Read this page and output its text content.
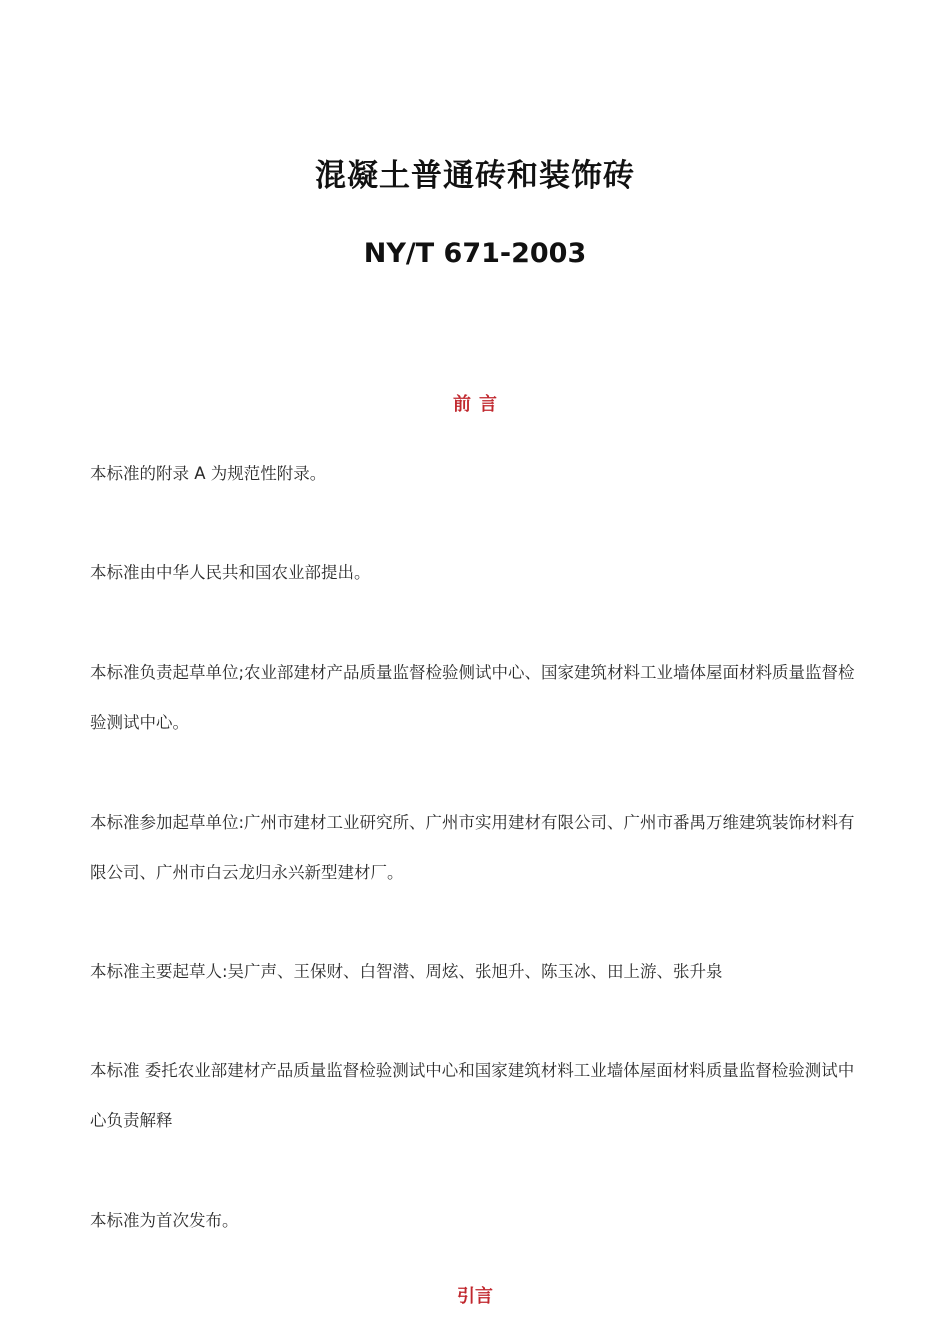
混凝土普通砖和装饰砖
NY/T 671-2003
前言
本标准的附录 A 为规范性附录。
本标准由中华人民共和国农业部提出。
本标准负责起草单位;农业部建材产品质量监督检验侧试中心、国家建筑材料工业墙体屋面材料质量监督检验测试中心。
本标准参加起草单位:广州市建材工业研究所、广州市实用建材有限公司、广州市番禺万维建筑装饰材料有限公司、广州市白云龙归永兴新型建材厂。
本标准主要起草人:吴广声、王保财、白智潜、周炫、张旭升、陈玉冰、田上游、张升泉
本标准 委托农业部建材产品质量监督检验测试中心和国家建筑材料工业墙体屋面材料质量监督检验测试中心负责解释
本标准为首次发布。
引言
